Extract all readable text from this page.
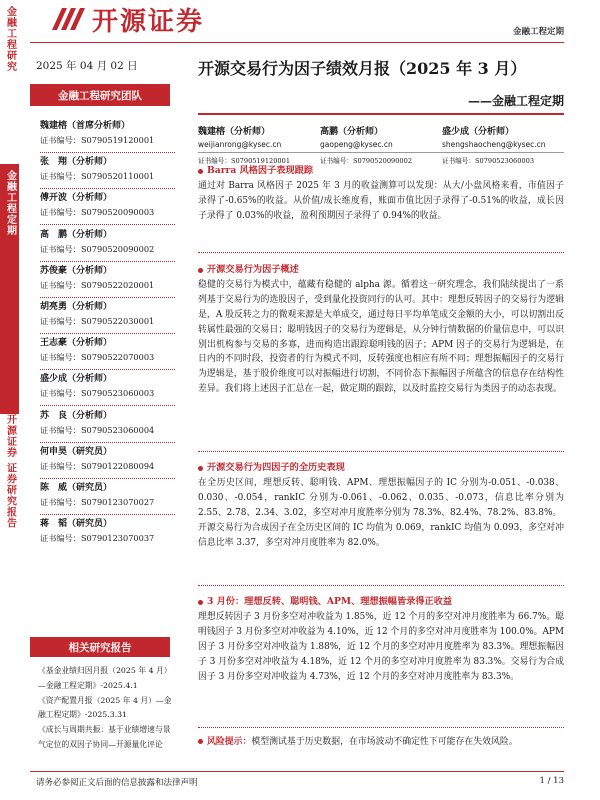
金融工程研究
金融工程定期
开源证券 证券研究报告
开源证券	金融工程定期
2025 年 04 月 02 日
金融工程研究团队
魏建榕（首席分析师）
证书编号：S0790519120001
张　翔（分析师）
证书编号：S0790520110001
傅开波（分析师）
证书编号：S0790520090003
高　鹏（分析师）
证书编号：S0790520090002
苏俊豪（分析师）
证书编号：S0790522020001
胡亮勇（分析师）
证书编号：S0790522030001
王志豪（分析师）
证书编号：S0790522070003
盛少成（分析师）
证书编号：S0790523060003
苏　良（分析师）
证书编号：S0790523060004
何申昊（研究员）
证书编号：S0790122080094
陈　威（研究员）
证书编号：S0790123070027
蒋　韬（研究员）
证书编号：S0790123070037
相关研究报告
《基金业绩归因月报（2025 年 4 月）—金融工程定期》-2025.4.1
《资产配置月报（2025 年 4 月）—金融工程定期》-2025.3.31
《成长与周期共振：基于业绩增速与景气定位的双因子协同—开源量化评论
开源交易行为因子绩效月报（2025 年 3 月）
——金融工程定期
魏建榕（分析师）
weijianrong@kysec.cn
证书编号：S0790519120001
高鹏（分析师）
gaopeng@kysec.cn
证书编号：S0790520090002
盛少成（分析师）
shengshaocheng@kysec.cn
证书编号：S0790523060003
Barra 风格因子表现跟踪

通过对 Barra 风格因子 2025 年 3 月的收益测算可以发现：从大/小盘风格来看，市值因子录得了-0.65%的收益。从价值/成长维度看，账面市值比因子录得了-0.51%的收益，成长因子录得了 0.03%的收益，盈利预期因子录得了 0.94%的收益。

开源交易行为因子概述

稳健的交易行为模式中，蕴藏有稳健的 alpha 源。循着这一研究理念，我们陆续提出了一系列基于交易行为的选股因子，受到量化投资同行的认可。其中：理想反转因子的交易行为逻辑是，A 股反转之力的微观来源是大单成交，通过每日平均单笔成交金额的大小，可以切割出反转属性最强的交易日；聪明钱因子的交易行为逻辑是，从分钟行情数据的价量信息中，可以识别出机构参与交易的多寡，进而构造出跟踪聪明钱的因子；APM 因子的交易行为逻辑是，在日内的不同时段，投资者的行为模式不同，反转强度也相应有所不同；理想振幅因子的交易行为逻辑是，基于股价维度可以对振幅进行切割，不同价态下振幅因子所蕴含的信息存在结构性差异。我们将上述因子汇总在一起，做定期的跟踪，以及时监控交易行为类因子的动态表现。

开源交易行为四因子的全历史表现

在全历史区间，理想反转、聪明钱、APM、理想振幅因子的 IC 分别为-0.051、-0.038、0.030、-0.054，rankIC 分别为-0.061、-0.062、0.035、-0.073，信息比率分别为 2.55、2.78、2.34、3.02，多空对冲月度胜率分别为 78.3%、82.4%、78.2%、83.8%。

开源交易行为合成因子在全历史区间的 IC 均值为 0.069，rankIC 均值为 0.093，多空对冲信息比率 3.37，多空对冲月度胜率为 82.0%。

3 月份：理想反转、聪明钱、APM、理想振幅皆录得正收益

理想反转因子 3 月份多空对冲收益为 1.85%，近 12 个月的多空对冲月度胜率为 66.7%。聪明钱因子 3 月份多空对冲收益为 4.10%，近 12 个月的多空对冲月度胜率为 100.0%。APM 因子 3 月份多空对冲收益为 1.88%，近 12 个月的多空对冲月度胜率为 83.3%。理想振幅因子 3 月份多空对冲收益为 4.18%，近 12 个月的多空对冲月度胜率为 83.3%。交易行为合成因子 3 月份多空对冲收益为 4.73%，近 12 个月的多空对冲月度胜率为 83.3%。

风险提示：模型测试基于历史数据，在市场波动不确定性下可能存在失效风险。
请务必参阅正文后面的信息披露和法律声明	1 / 13
